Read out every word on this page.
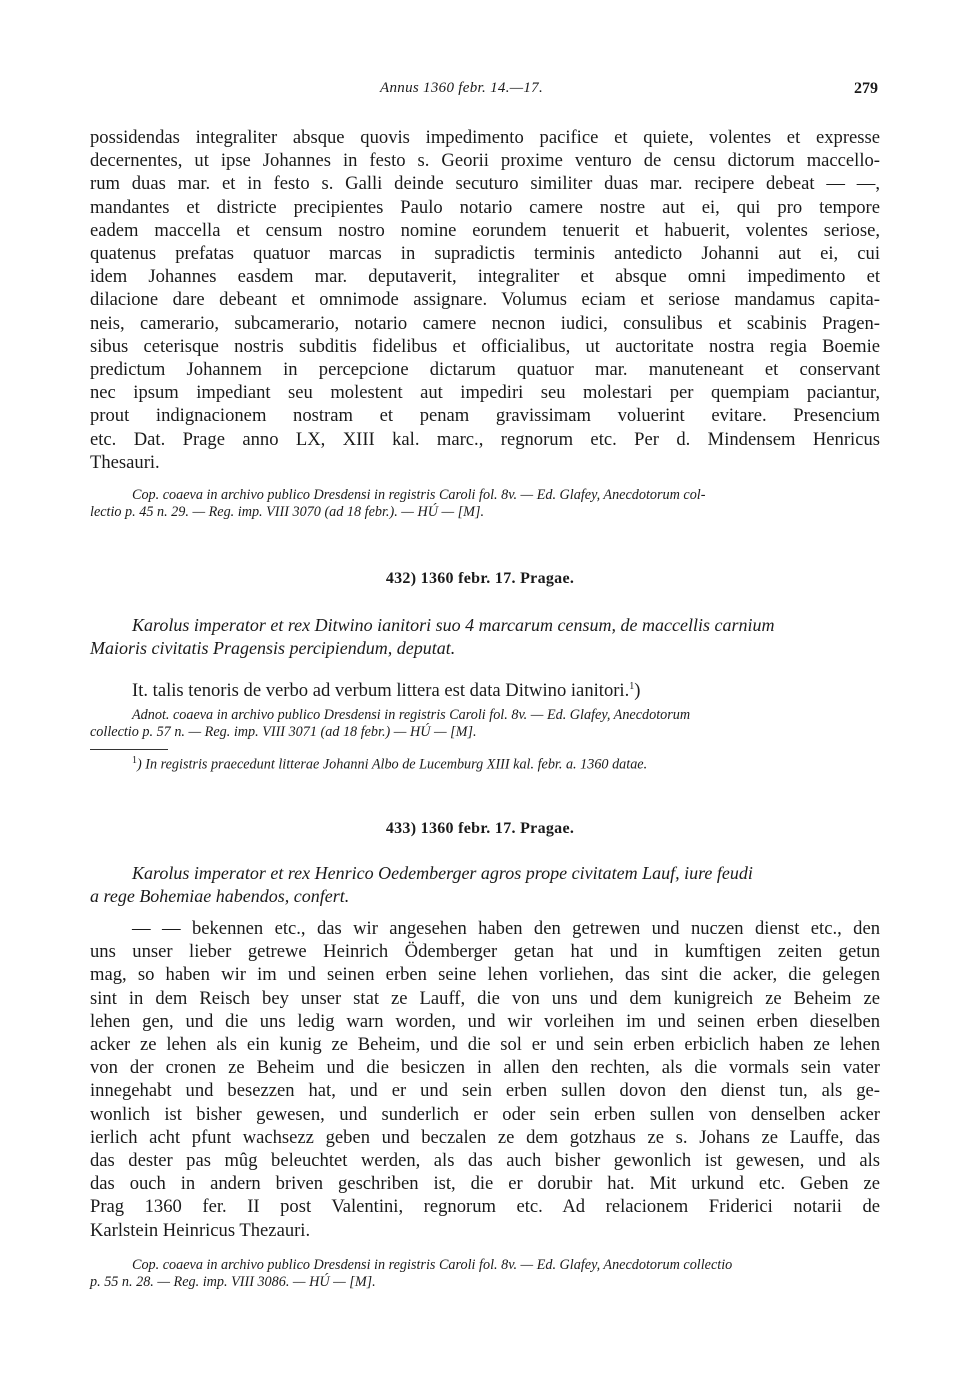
Annus 1360 febr. 14.—17.	279

possidendas integraliter absque quovis impedimento pacifice et quiete, volentes et expresse
decernentes, ut ipse Johannes in festo s. Georii proxime venturo de censu dictorum maccello-
rum duas mar. et in festo s. Galli deinde secuturo similiter duas mar. recipere debeat — —,
mandantes et districte precipientes Paulo notario camere nostre aut ei, qui pro tempore
eadem maccella et censum nostro nomine eorundem tenuerit et habuerit, volentes seriose,
quatenus prefatas quatuor marcas in supradictis terminis antedicto Johanni aut ei, cui
idem Johannes easdem mar. deputaverit, integraliter et absque omni impedimento et
dilacione dare debeant et omnimode assignare. Volumus eciam et seriose mandamus capita-
neis, camerario, subcamerario, notario camere necnon iudici, consulibus et scabinis Pragen-
sibus ceterisque nostris subditis fidelibus et officialibus, ut auctoritate nostra regia Boemie
predictum Johannem in percepcione dictarum quatuor mar. manuteneant et conservant
nec ipsum impediant seu molestent aut impediri seu molestari per quempiam paciantur,
prout indignacionem nostram et penam gravissimam voluerint evitare. Presencium
etc. Dat. Prage anno LX, XIII kal. marc., regnorum etc. Per d. Mindensem Henricus
Thesauri.

Cop. coaeva in archivo publico Dresdensi in registris Caroli fol. 8v. — Ed. Glafey, Anecdotorum col-

lectio p. 45 n. 29. — Reg. imp. VIII 3070 (ad 18 febr.). — HÚ — [M].

432) 1360 febr. 17. Pragae.

Karolus imperator et rex Ditwino ianitori suo 4 marcarum censum, de maccellis carnium

Maioris civitatis Pragensis percipiendum, deputat.

It. talis tenoris de verbo ad verbum littera est data Ditwino ianitori.$^1$)

Adnot. coaeva in archivo publico Dresdensi in registris Caroli fol. 8v. — Ed. Glafey, Anecdotorum

collectio p. 57 n. — Reg. imp. VIII 3071 (ad 18 febr.) — HÚ — [M].

$^1$) In registris praecedunt litterae Johanni Albo de Lucemburg XIII kal. febr. a. 1360 datae.

433) 1360 febr. 17. Pragae.

Karolus imperator et rex Henrico Oedemberger agros prope civitatem Lauf, iure feudi

a rege Bohemiae habendos, confert.

— — bekennen etc., das wir angesehen haben den getrewen und nuczen dienst etc., den
uns unser lieber getrewe Heinrich Ödemberger getan hat und in kumftigen zeiten getun
mag, so haben wir im und seinen erben seine lehen vorliehen, das sint die acker, die gelegen
sint in dem Reisch bey unser stat ze Lauff, die von uns und dem kunigreich ze Beheim ze
lehen gen, und die uns ledig warn worden, und wir vorleihen im und seinen erben dieselben
acker ze lehen als ein kunig ze Beheim, und die sol er und sein erben erbiclich haben ze lehen
von der cronen ze Beheim und die besiczen in allen den rechten, als die vormals sein vater
innegehabt und besezzen hat, und er und sein erben sullen dovon den dienst tun, als ge-
wonlich ist bisher gewesen, und sunderlich er oder sein erben sullen von denselben acker
ierlich acht pfunt wachsezz geben und beczalen ze dem gotzhaus ze s. Johans ze Lauffe, das
das dester pas mûg beleuchtet werden, als das auch bisher gewonlich ist gewesen, und als
das ouch in andern briven geschriben ist, die er dorubir hat. Mit urkund etc. Geben ze
Prag 1360 fer. II post Valentini, regnorum etc. Ad relacionem Friderici notarii de
Karlstein Heinricus Thezauri.

Cop. coaeva in archivo publico Dresdensi in registris Caroli fol. 8v. — Ed. Glafey, Anecdotorum collectio

p. 55 n. 28. — Reg. imp. VIII 3086. — HÚ — [M].
